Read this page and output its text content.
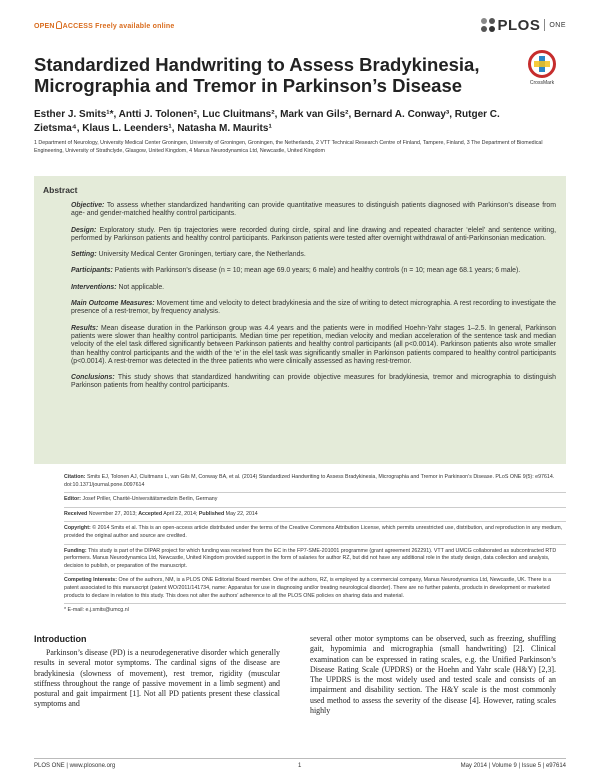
OPEN ACCESS Freely available online	PLOS ONE
Standardized Handwriting to Assess Bradykinesia, Micrographia and Tremor in Parkinson’s Disease	CrossMark
Esther J. Smits¹*, Antti J. Tolonen², Luc Cluitmans², Mark van Gils², Bernard A. Conway³, Rutger C. Zietsma⁴, Klaus L. Leenders¹, Natasha M. Maurits¹
1 Department of Neurology, University Medical Center Groningen, University of Groningen, Groningen, the Netherlands, 2 VTT Technical Research Centre of Finland, Tampere, Finland, 3 The Department of Biomedical Engineering, University of Strathclyde, Glasgow, United Kingdom, 4 Manus Neurodynamica Ltd, Newcastle, United Kingdom
Abstract

Objective: To assess whether standardized handwriting can provide quantitative measures to distinguish patients diagnosed with Parkinson’s disease from age- and gender-matched healthy control participants.

Design: Exploratory study. Pen tip trajectories were recorded during circle, spiral and line drawing and repeated character ‘elelel’ and sentence writing, performed by Parkinson patients and healthy control participants. Parkinson patients were tested after overnight withdrawal of anti-Parkinsonian medication.

Setting: University Medical Center Groningen, tertiary care, the Netherlands.

Participants: Patients with Parkinson’s disease (n = 10; mean age 69.0 years; 6 male) and healthy controls (n = 10; mean age 68.1 years; 6 male).

Interventions: Not applicable.

Main Outcome Measures: Movement time and velocity to detect bradykinesia and the size of writing to detect micrographia. A rest recording to investigate the presence of a rest-tremor, by frequency analysis.

Results: Mean disease duration in the Parkinson group was 4.4 years and the patients were in modified Hoehn-Yahr stages 1–2.5. In general, Parkinson patients were slower than healthy control participants. Median time per repetition, median velocity and median acceleration of the sentence task and median velocity of the elel task differed significantly between Parkinson patients and healthy control participants (all p<0.0014). Parkinson patients also wrote smaller than healthy control participants and the width of the ‘e’ in the elel task was significantly smaller in Parkinson patients compared to healthy control participants (p<0.0014). A rest-tremor was detected in the three patients who were clinically assessed as having rest-tremor.

Conclusions: This study shows that standardized handwriting can provide objective measures for bradykinesia, tremor and micrographia to distinguish Parkinson patients from healthy control participants.

Citation: Smits EJ, Tolonen AJ, Cluitmans L, van Gils M, Conway BA, et al. (2014) Standardized Handwriting to Assess Bradykinesia, Micrographia and Tremor in Parkinson’s Disease. PLoS ONE 9(5): e97614. doi:10.1371/journal.pone.0097614
Editor: Josef Priller, Charité-Universitätsmedizin Berlin, Germany
Received November 27, 2013; Accepted April 22, 2014; Published May 22, 2014
Copyright: © 2014 Smits et al. This is an open-access article distributed under the terms of the Creative Commons Attribution License, which permits unrestricted use, distribution, and reproduction in any medium, provided the original author and source are credited.
Funding: This study is part of the DIPAR project for which funding was received from the EC in the FP7-SME-201001 programme (grant agreement 262291). VTT and UMCG collaborated as subcontracted RTD performers. Manus Neurodynamica Ltd, Newcastle, United Kingdom provided support in the form of salaries for author RZ, but did not have any additional role in the study design, data collection and analysis, decision to publish, or preparation of the manuscript.
Competing Interests: One of the authors, NM, is a PLOS ONE Editorial Board member. One of the authors, RZ, is employed by a commercial company, Manus Neurodynamica Ltd, Newcastle, UK. There is a patent associated to this manuscript (patent WO/2011/141734, name: Apparatus for use in diagnosing and/or treating neurological disorder). There are no further patents, products in development or marketed products to declare in relation to this study. This does not alter the authors’ adherence to all the PLOS ONE policies on sharing data and material.
* E-mail: e.j.smits@umcg.nl
Introduction

Parkinson’s disease (PD) is a neurodegenerative disorder which generally results in several motor symptoms. The cardinal signs of the disease are bradykinesia (slowness of movement), rest tremor, rigidity (muscular stiffness throughout the range of passive movement in a limb segment) and postural and gait impairment [1]. Not all PD patients present these classical symptoms and

several other motor symptoms can be observed, such as freezing, shuffling gait, hypomimia and micrographia (small handwriting) [2]. Clinical examination can be expressed in rating scales, e.g. the Unified Parkinson’s Disease Rating Scale (UPDRS) or the Hoehn and Yahr scale (H&Y) [2,3]. The UPDRS is the most widely used and tested scale and consists of an impairment and disability section. The H&Y scale is the most commonly used method to assess the severity of the disease [4]. However, rating scales highly

PLOS ONE | www.plosone.org	1	May 2014 | Volume 9 | Issue 5 | e97614
